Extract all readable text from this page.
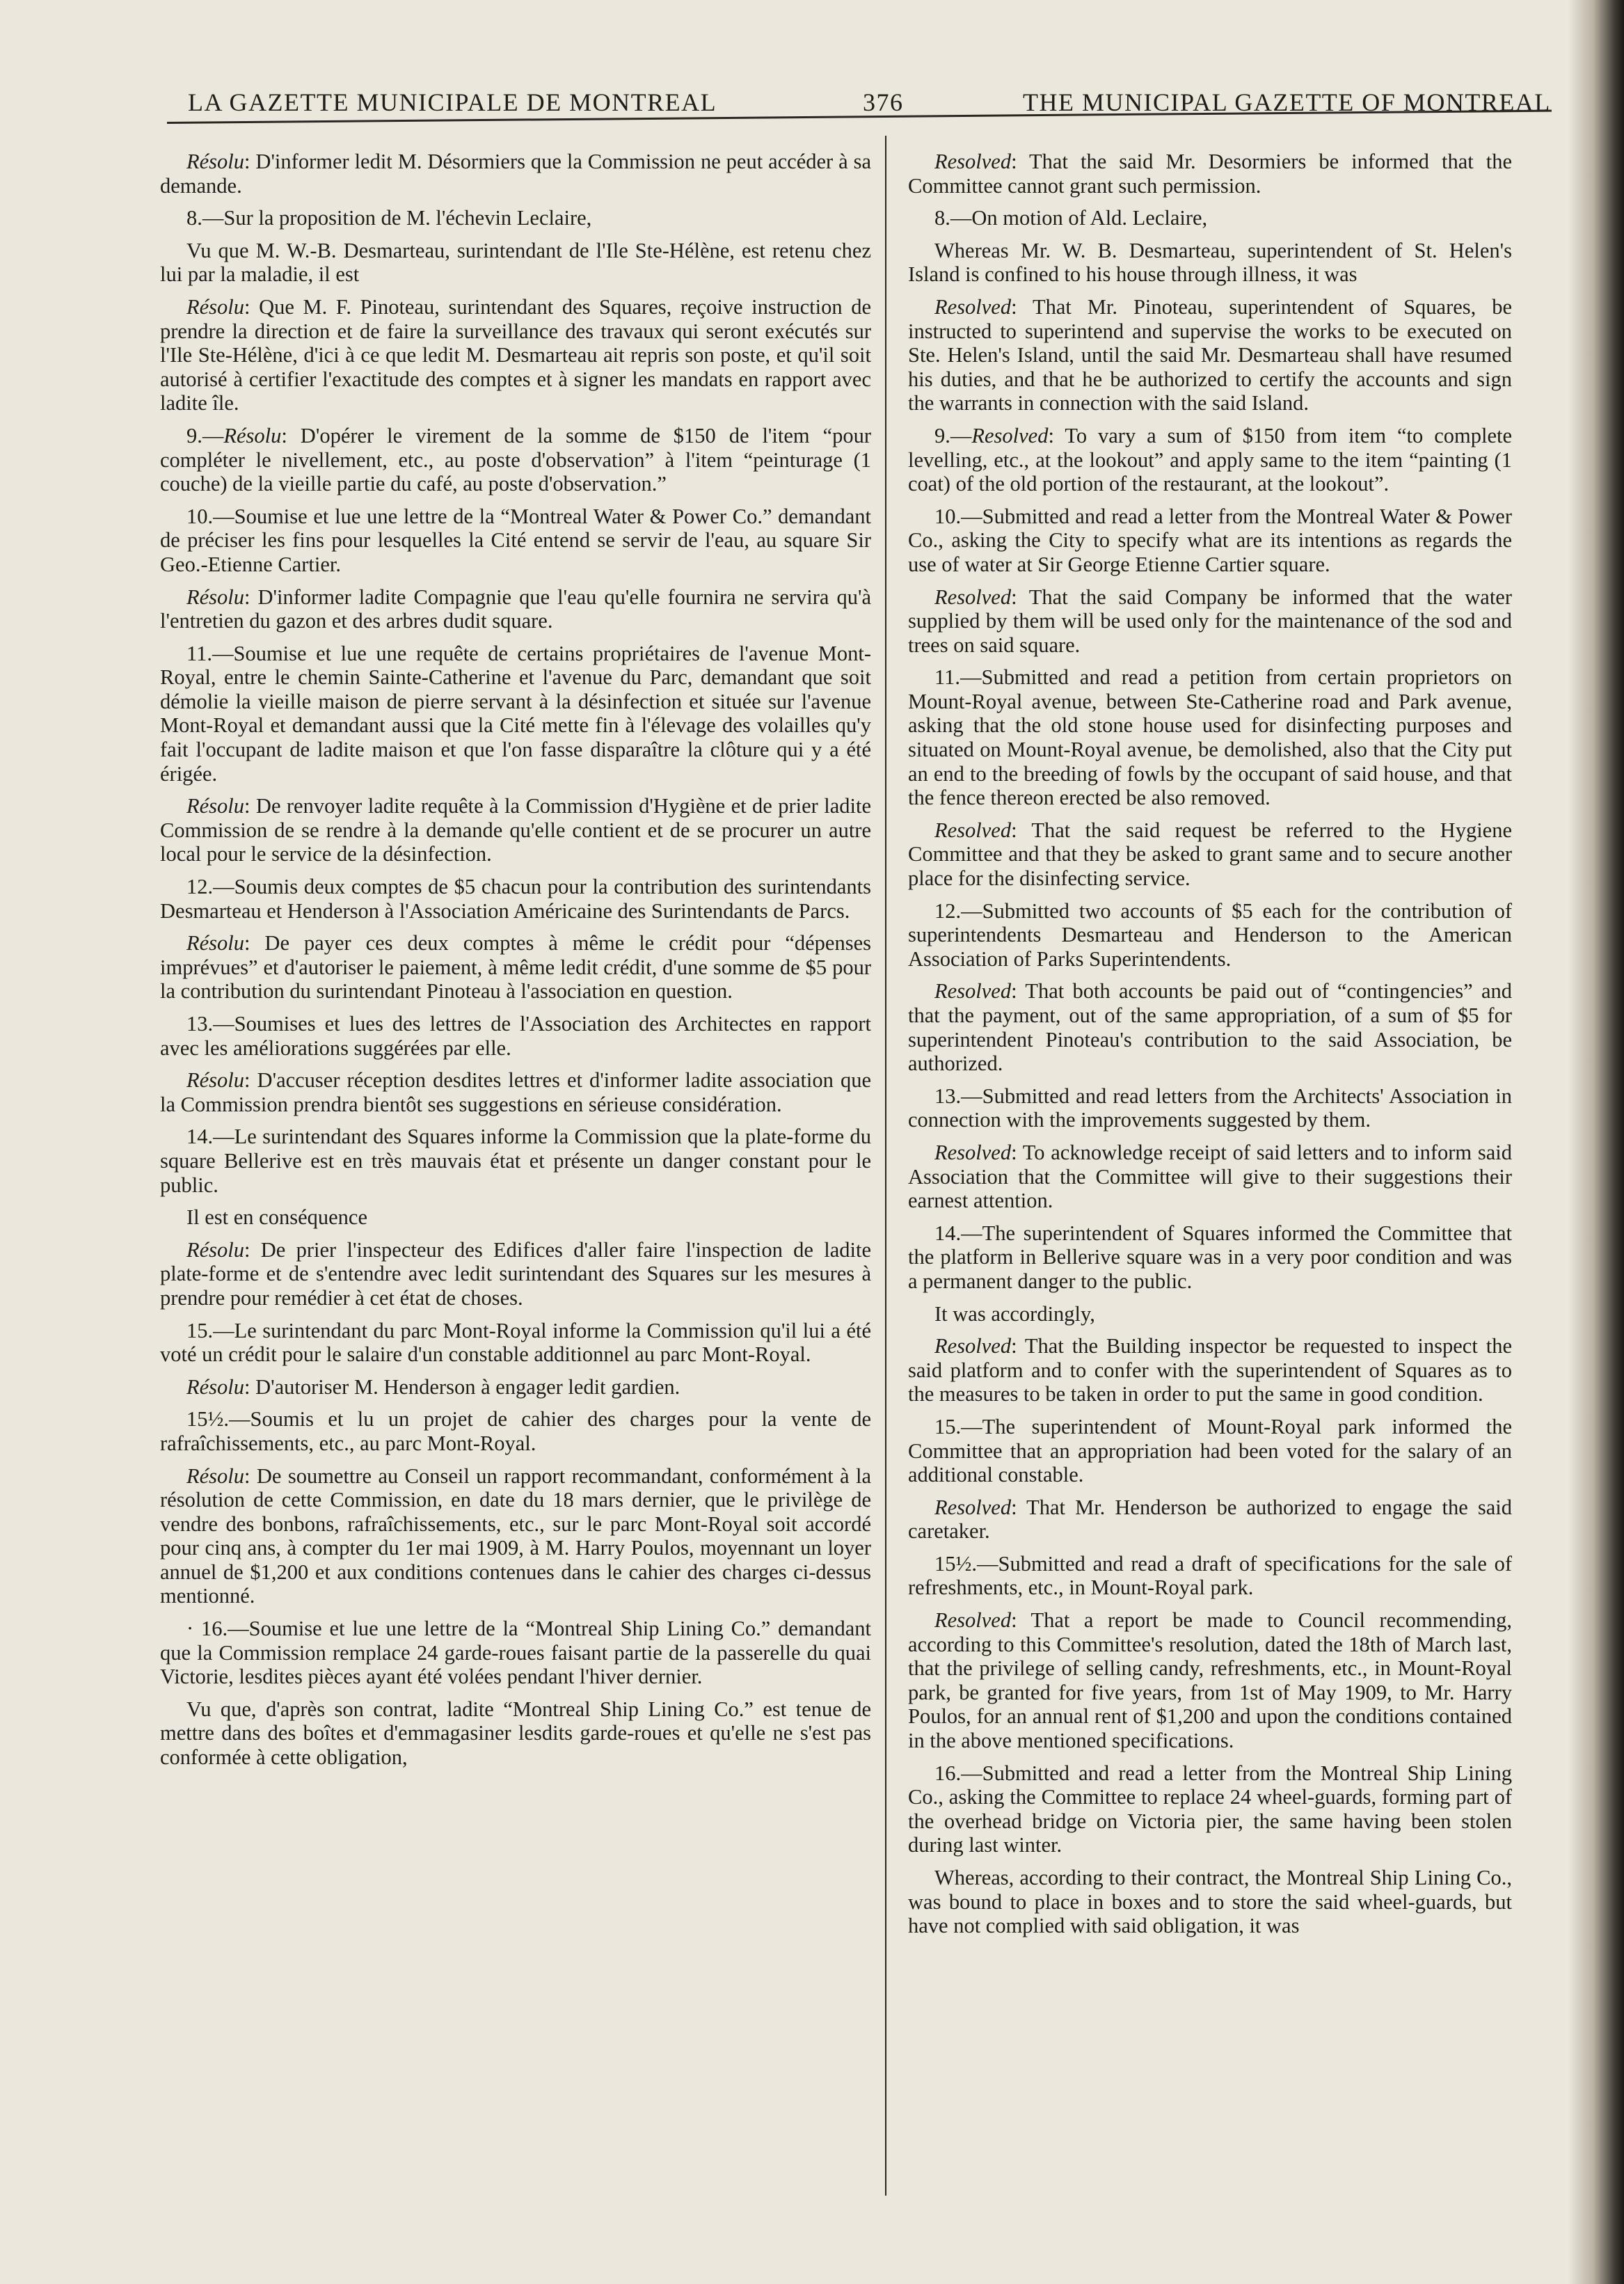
LA GAZETTE MUNICIPALE DE MONTREAL	376	THE MUNICIPAL GAZETTE OF MONTREAL

Résolu: D'informer ledit M. Désormiers que la Commission ne peut accéder à sa demande.

8.—Sur la proposition de M. l'échevin Leclaire,

Vu que M. W.-B. Desmarteau, surintendant de l'Ile Ste-Hélène, est retenu chez lui par la maladie, il est

Résolu: Que M. F. Pinoteau, surintendant des Squares, reçoive instruction de prendre la direction et de faire la surveillance des travaux qui seront exécutés sur l'Ile Ste-Hélène, d'ici à ce que ledit M. Desmarteau ait repris son poste, et qu'il soit autorisé à certifier l'exactitude des comptes et à signer les mandats en rapport avec ladite île.

9.—Résolu: D'opérer le virement de la somme de $150 de l'item “pour compléter le nivellement, etc., au poste d'observation” à l'item “peinturage (1 couche) de la vieille partie du café, au poste d'observation.”

10.—Soumise et lue une lettre de la “Montreal Water & Power Co.” demandant de préciser les fins pour lesquelles la Cité entend se servir de l'eau, au square Sir Geo.-Etienne Cartier.

Résolu: D'informer ladite Compagnie que l'eau qu'elle fournira ne servira qu'à l'entretien du gazon et des arbres dudit square.

11.—Soumise et lue une requête de certains propriétaires de l'avenue Mont-Royal, entre le chemin Sainte-Catherine et l'avenue du Parc, demandant que soit démolie la vieille maison de pierre servant à la désinfection et située sur l'avenue Mont-Royal et demandant aussi que la Cité mette fin à l'élevage des volailles qu'y fait l'occupant de ladite maison et que l'on fasse disparaître la clôture qui y a été érigée.

Résolu: De renvoyer ladite requête à la Commission d'Hygiène et de prier ladite Commission de se rendre à la demande qu'elle contient et de se procurer un autre local pour le service de la désinfection.

12.—Soumis deux comptes de $5 chacun pour la contribution des surintendants Desmarteau et Henderson à l'Association Américaine des Surintendants de Parcs.

Résolu: De payer ces deux comptes à même le crédit pour “dépenses imprévues” et d'autoriser le paiement, à même ledit crédit, d'une somme de $5 pour la contribution du surintendant Pinoteau à l'association en question.

13.—Soumises et lues des lettres de l'Association des Architectes en rapport avec les améliorations suggérées par elle.

Résolu: D'accuser réception desdites lettres et d'informer ladite association que la Commission prendra bientôt ses suggestions en sérieuse considération.

14.—Le surintendant des Squares informe la Commission que la plate-forme du square Bellerive est en très mauvais état et présente un danger constant pour le public.

Il est en conséquence

Résolu: De prier l'inspecteur des Edifices d'aller faire l'inspection de ladite plate-forme et de s'entendre avec ledit surintendant des Squares sur les mesures à prendre pour remédier à cet état de choses.

15.—Le surintendant du parc Mont-Royal informe la Commission qu'il lui a été voté un crédit pour le salaire d'un constable additionnel au parc Mont-Royal.

Résolu: D'autoriser M. Henderson à engager ledit gardien.

15½.—Soumis et lu un projet de cahier des charges pour la vente de rafraîchissements, etc., au parc Mont-Royal.

Résolu: De soumettre au Conseil un rapport recommandant, conformément à la résolution de cette Commission, en date du 18 mars dernier, que le privilège de vendre des bonbons, rafraîchissements, etc., sur le parc Mont-Royal soit accordé pour cinq ans, à compter du 1er mai 1909, à M. Harry Poulos, moyennant un loyer annuel de $1,200 et aux conditions contenues dans le cahier des charges ci-dessus mentionné.

· 16.—Soumise et lue une lettre de la “Montreal Ship Lining Co.” demandant que la Commission remplace 24 garde-roues faisant partie de la passerelle du quai Victorie, lesdites pièces ayant été volées pendant l'hiver dernier.

Vu que, d'après son contrat, ladite “Montreal Ship Lining Co.” est tenue de mettre dans des boîtes et d'emmagasiner lesdits garde-roues et qu'elle ne s'est pas conformée à cette obligation,

Resolved: That the said Mr. Desormiers be informed that the Committee cannot grant such permission.

8.—On motion of Ald. Leclaire,

Whereas Mr. W. B. Desmarteau, superintendent of St. Helen's Island is confined to his house through illness, it was

Resolved: That Mr. Pinoteau, superintendent of Squares, be instructed to superintend and supervise the works to be executed on Ste. Helen's Island, until the said Mr. Desmarteau shall have resumed his duties, and that he be authorized to certify the accounts and sign the warrants in connection with the said Island.

9.—Resolved: To vary a sum of $150 from item “to complete levelling, etc., at the lookout” and apply same to the item “painting (1 coat) of the old portion of the restaurant, at the lookout”.

10.—Submitted and read a letter from the Montreal Water & Power Co., asking the City to specify what are its intentions as regards the use of water at Sir George Etienne Cartier square.

Resolved: That the said Company be informed that the water supplied by them will be used only for the maintenance of the sod and trees on said square.

11.—Submitted and read a petition from certain proprietors on Mount-Royal avenue, between Ste-Catherine road and Park avenue, asking that the old stone house used for disinfecting purposes and situated on Mount-Royal avenue, be demolished, also that the City put an end to the breeding of fowls by the occupant of said house, and that the fence thereon erected be also removed.

Resolved: That the said request be referred to the Hygiene Committee and that they be asked to grant same and to secure another place for the disinfecting service.

12.—Submitted two accounts of $5 each for the contribution of superintendents Desmarteau and Henderson to the American Association of Parks Superintendents.

Resolved: That both accounts be paid out of “contingencies” and that the payment, out of the same appropriation, of a sum of $5 for superintendent Pinoteau's contribution to the said Association, be authorized.

13.—Submitted and read letters from the Architects' Association in connection with the improvements suggested by them.

Resolved: To acknowledge receipt of said letters and to inform said Association that the Committee will give to their suggestions their earnest attention.

14.—The superintendent of Squares informed the Committee that the platform in Bellerive square was in a very poor condition and was a permanent danger to the public.

It was accordingly,

Resolved: That the Building inspector be requested to inspect the said platform and to confer with the superintendent of Squares as to the measures to be taken in order to put the same in good condition.

15.—The superintendent of Mount-Royal park informed the Committee that an appropriation had been voted for the salary of an additional constable.

Resolved: That Mr. Henderson be authorized to engage the said caretaker.

15½.—Submitted and read a draft of specifications for the sale of refreshments, etc., in Mount-Royal park.

Resolved: That a report be made to Council recommending, according to this Committee's resolution, dated the 18th of March last, that the privilege of selling candy, refreshments, etc., in Mount-Royal park, be granted for five years, from 1st of May 1909, to Mr. Harry Poulos, for an annual rent of $1,200 and upon the conditions contained in the above mentioned specifications.

16.—Submitted and read a letter from the Montreal Ship Lining Co., asking the Committee to replace 24 wheel-guards, forming part of the overhead bridge on Victoria pier, the same having been stolen during last winter.

Whereas, according to their contract, the Montreal Ship Lining Co., was bound to place in boxes and to store the said wheel-guards, but have not complied with said obligation, it was
